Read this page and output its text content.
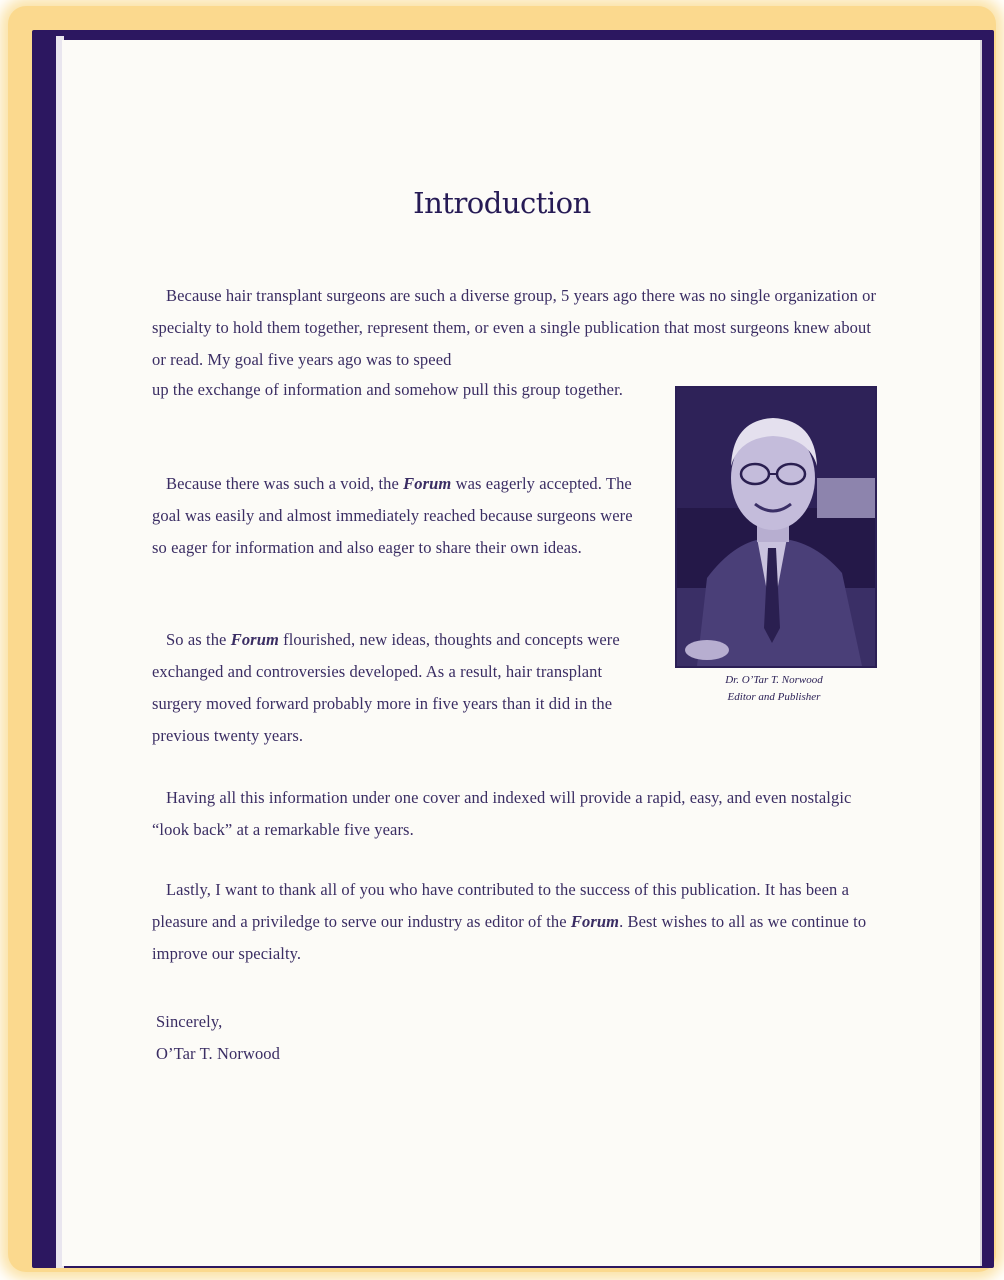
Introduction

Because hair transplant surgeons are such a diverse group, 5 years ago there was no single organization or specialty to hold them together, represent them, or even a single publication that most surgeons knew about or read. My goal five years ago was to speed

up the exchange of information and somehow pull this group together.

Because there was such a void, the Forum was eagerly accepted. The goal was easily and almost immediately reached because surgeons were so eager for information and also eager to share their own ideas.

So as the Forum flourished, new ideas, thoughts and concepts were exchanged and controversies developed. As a result, hair transplant surgery moved forward probably more in five years than it did in the previous twenty years.

Having all this information under one cover and indexed will provide a rapid, easy, and even nostalgic “look back” at a remarkable five years.

Lastly, I want to thank all of you who have contributed to the success of this publication. It has been a pleasure and a priviledge to serve our industry as editor of the Forum. Best wishes to all as we continue to improve our specialty.

Sincerely,
O’Tar T. Norwood
Dr. O’Tar T. Norwood
Editor and Publisher
